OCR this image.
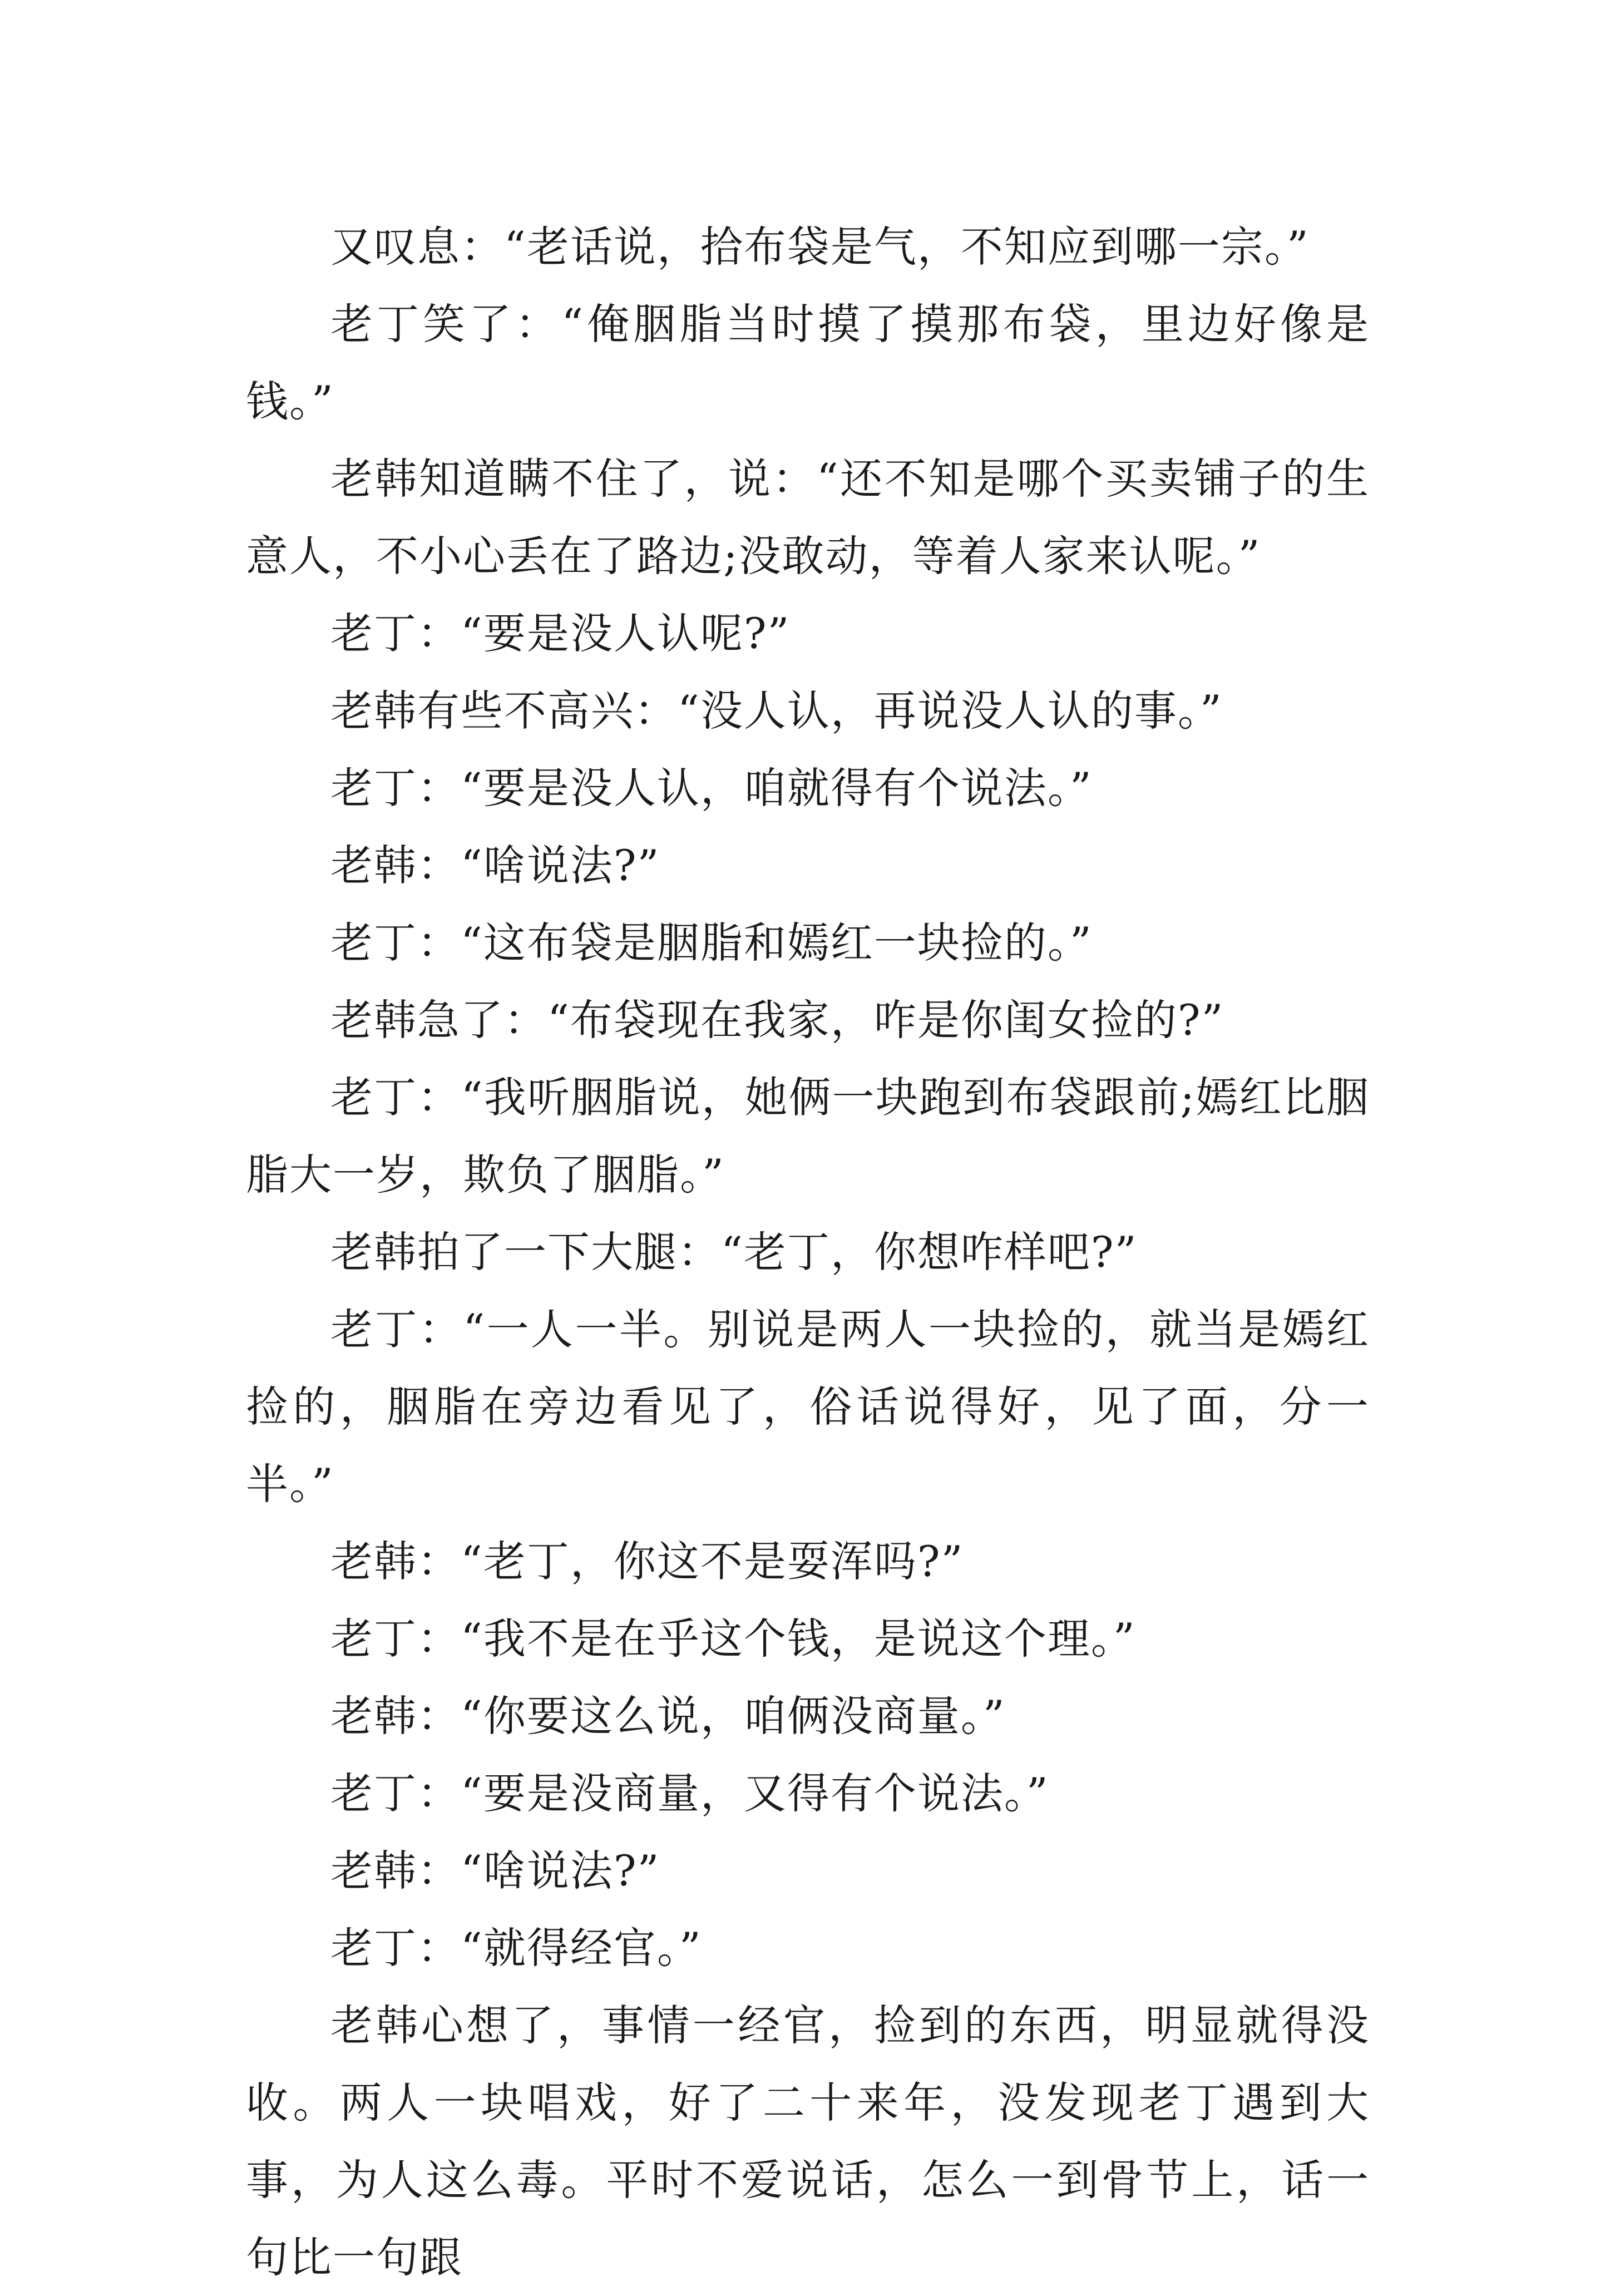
又叹息：“老话说，拾布袋是气，不知应到哪一宗。”

老丁笑了：“俺胭脂当时摸了摸那布袋，里边好像是钱。”

老韩知道瞒不住了，说：“还不知是哪个买卖铺子的生意人，不小心丢在了路边;没敢动，等着人家来认呢。”

老丁：“要是没人认呢?”

老韩有些不高兴：“没人认，再说没人认的事。”

老丁：“要是没人认，咱就得有个说法。”

老韩：“啥说法?”

老丁：“这布袋是胭脂和嫣红一块捡的。”

老韩急了：“布袋现在我家，咋是你闺女捡的?”

老丁：“我听胭脂说，她俩一块跑到布袋跟前;嫣红比胭脂大一岁，欺负了胭脂。”

老韩拍了一下大腿：“老丁，你想咋样吧?”

老丁：“一人一半。别说是两人一块捡的，就当是嫣红捡的，胭脂在旁边看见了，俗话说得好，见了面，分一半。”

老韩：“老丁，你这不是耍浑吗?”

老丁：“我不是在乎这个钱，是说这个理。”

老韩：“你要这么说，咱俩没商量。”

老丁：“要是没商量，又得有个说法。”

老韩：“啥说法?”

老丁：“就得经官。”

老韩心想了，事情一经官，捡到的东西，明显就得没收。两人一块唱戏，好了二十来年，没发现老丁遇到大事，为人这么毒。平时不爱说话，怎么一到骨节上，话一句比一句跟
